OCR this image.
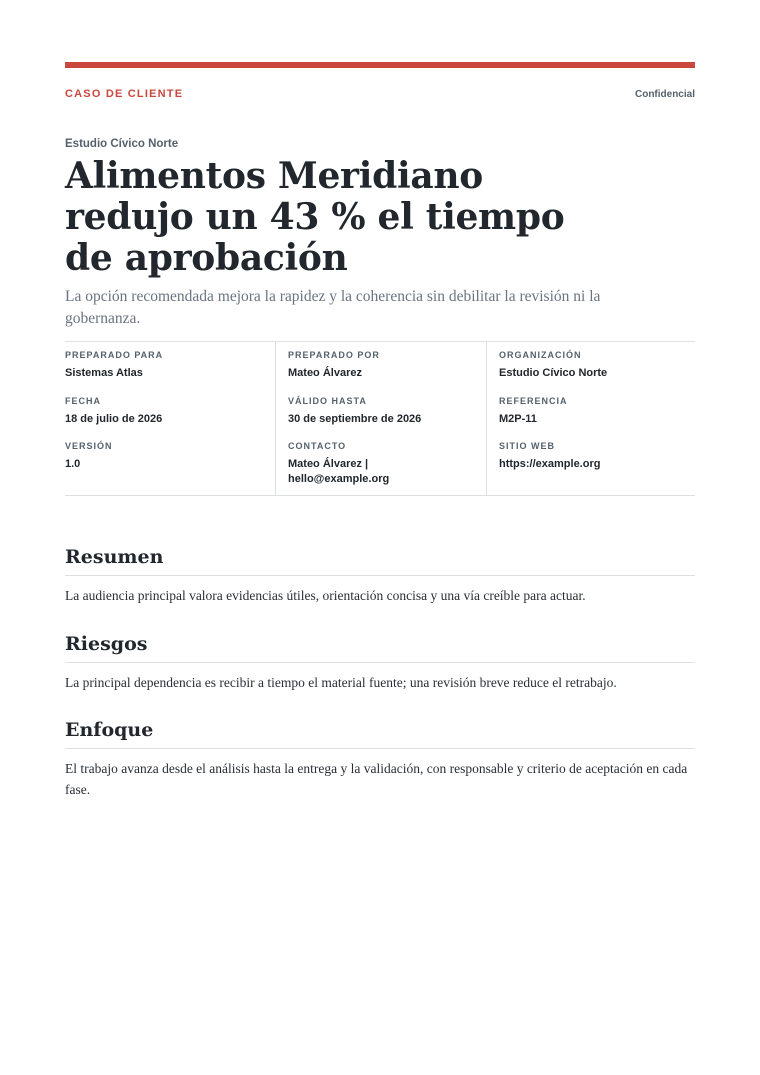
CASO DE CLIENTE	Confidencial
Estudio Cívico Norte
Alimentos Meridiano redujo un 43 % el tiempo de aprobación
La opción recomendada mejora la rapidez y la coherencia sin debilitar la revisión ni la gobernanza.
PREPARADO PARA
Sistemas Atlas
FECHA
18 de julio de 2026
VERSIÓN
1.0
PREPARADO POR
Mateo Álvarez
VÁLIDO HASTA
30 de septiembre de 2026
CONTACTO
Mateo Álvarez | hello@example.org
ORGANIZACIÓN
Estudio Cívico Norte
REFERENCIA
M2P-11
SITIO WEB
https://example.org
Resumen

La audiencia principal valora evidencias útiles, orientación concisa y una vía creíble para actuar.

Riesgos

La principal dependencia es recibir a tiempo el material fuente; una revisión breve reduce el retrabajo.

Enfoque

El trabajo avanza desde el análisis hasta la entrega y la validación, con responsable y criterio de aceptación en cada fase.
